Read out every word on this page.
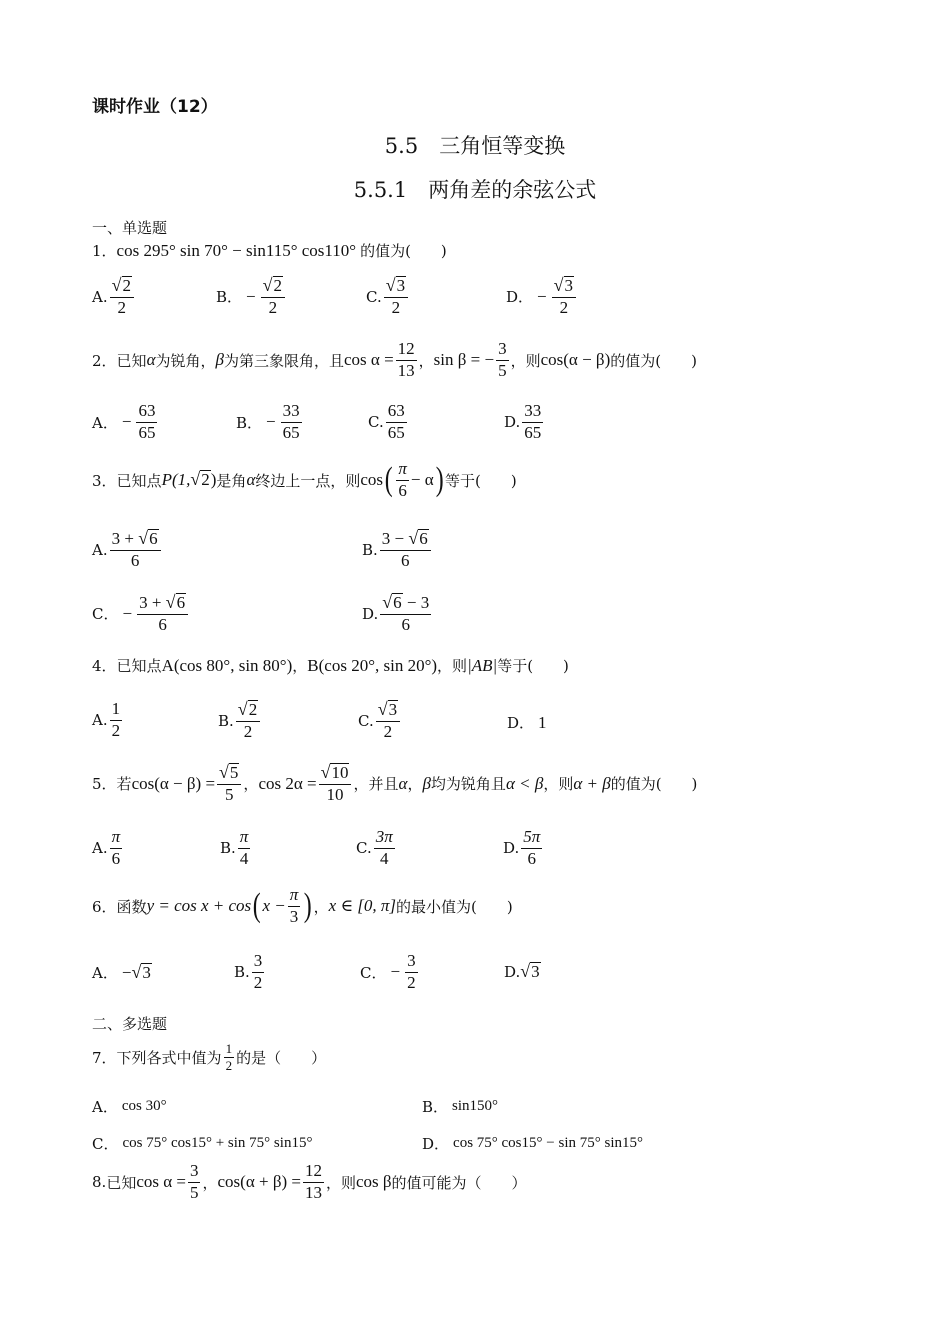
课时作业（12）
5.5　三角恒等变换
5.5.1　两角差的余弦公式
一、单选题
1． cos 295° sin 70° − sin115° cos110° 的值为(　　)
A. $\frac{√ 2}{2}$	B． − $\frac{√ 2}{2}$	C. $\frac{√ 3}{2}$	D． − $\frac{√ 3}{2}$
2． 已知 α 为锐角， β 为第三象限角，且 $\cos \alpha = \frac{12}{13}$ ， sin β = − $\frac{3}{5}$ ，则 cos(α − β) 的值为(　　)
A． − $\frac{63}{65}$	B． − $\frac{33}{65}$	C. $\frac{63}{65}$	D. $\frac{33}{65}$
3． 已知点 P(1, √ 2 ) 是角 α 终边上一点，则 cos ( $\frac{\pi}{6} - \alpha$ ) 等于(　　)
A. $\frac{3 + √ 6}{6}$	B. $\frac{3 - √ 6}{6}$
C． − $\frac{3 + √ 6}{6}$	D. $\frac{√ 6 - 3}{6}$
4． 已知点 A(cos 80°, sin 80°) ， B(cos 20°, sin 20°) ，则 |AB| 等于(　　)
A. $\frac{1}{2}$	B. $\frac{√ 2}{2}$	C. $\frac{√ 3}{2}$	D． 1
5． 若 $\cos(\alpha - \beta) = \frac{√ 5}{5}$ ， $\cos 2\alpha = \frac{√ 10}{10}$ ，并且 α ， β 均为锐角且 α < β ，则 α + β 的值为(　　)
A. $\frac{\pi}{6}$	B. $\frac{\pi}{4}$	C. $\frac{3\pi}{4}$	D. $\frac{5\pi}{6}$
6． 函数 y = cos x + cos ( $x - \frac{\pi}{3}$ ) ， x ∈ [0, π] 的最小值为(　　)
A． − √ 3	B. $\frac{3}{2}$	C． − $\frac{3}{2}$	D. √ 3
二、多选题
7． 下列各式中值为 $\frac{1}{2}$ 的是（　　）
A． cos 30°	B． sin150°
C． cos 75° cos15° + sin 75° sin15°	D． cos 75° cos15° − sin 75° sin15°
8. 已知 $\cos \alpha = \frac{3}{5}$ ， $\cos(\alpha + \beta) = \frac{12}{13}$ ，则 cos β 的值可能为（　　）
